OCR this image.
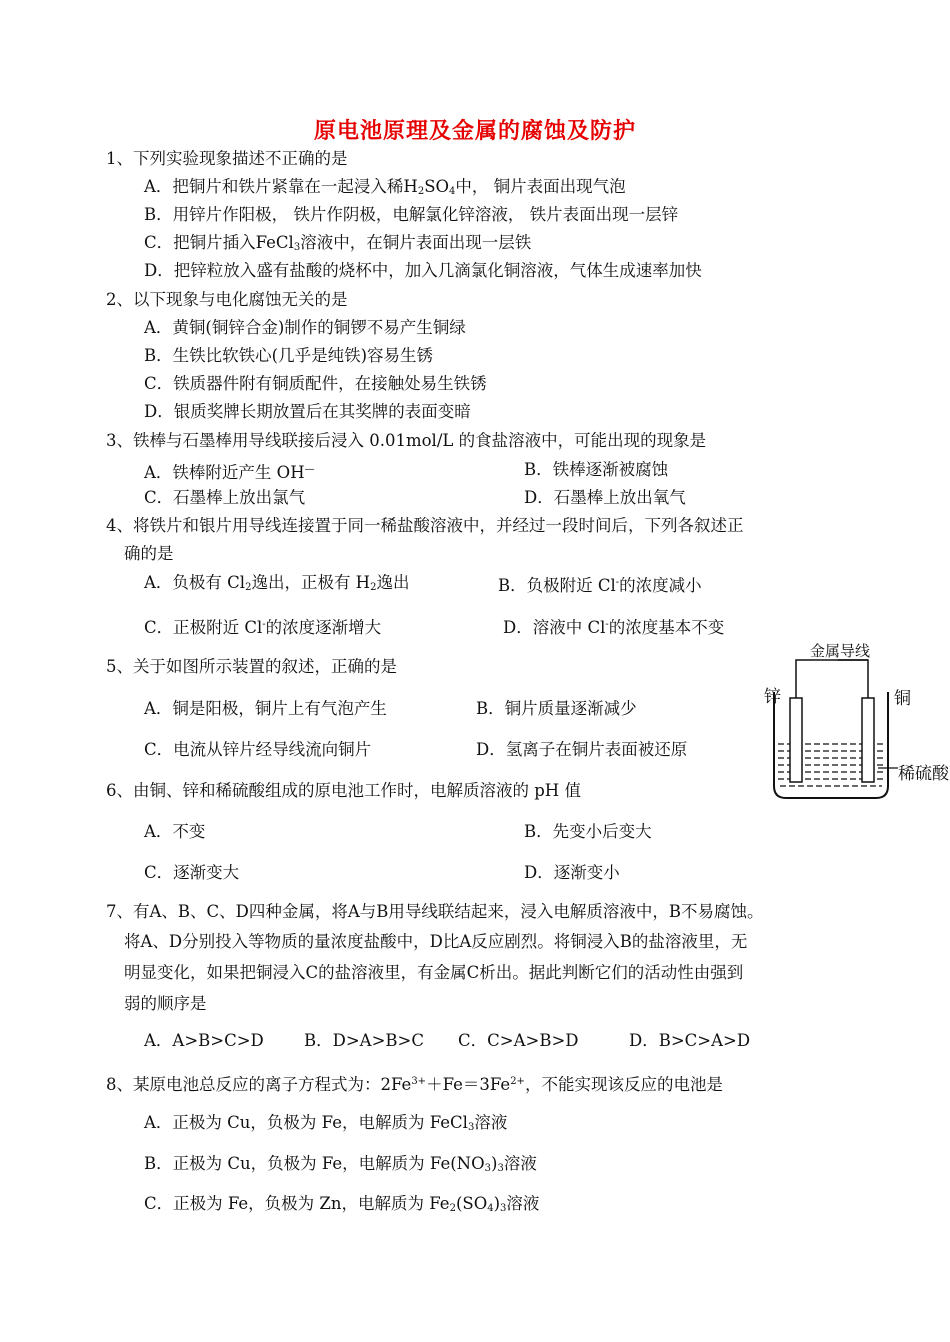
原电池原理及金属的腐蚀及防护
1、下列实验现象描述不正确的是
A．把铜片和铁片紧靠在一起浸入稀$H_2SO_4$中， 铜片表面出现气泡
B．用锌片作阳极， 铁片作阴极，电解氯化锌溶液， 铁片表面出现一层锌
C．把铜片插入FeCl$_3$溶液中，在铜片表面出现一层铁
D．把锌粒放入盛有盐酸的烧杯中，加入几滴氯化铜溶液，气体生成速率加快
2、以下现象与电化腐蚀无关的是
A．黄铜(铜锌合金)制作的铜锣不易产生铜绿
B．生铁比软铁心(几乎是纯铁)容易生锈
C．铁质器件附有铜质配件，在接触处易生铁锈
D．银质奖牌长期放置后在其奖牌的表面变暗
3、铁棒与石墨棒用导线联接后浸入 0.01mol/L 的食盐溶液中，可能出现的现象是
A．铁棒附近产生 OH—	B．铁棒逐渐被腐蚀
C．石墨棒上放出氯气	D．石墨棒上放出氧气
4、将铁片和银片用导线连接置于同一稀盐酸溶液中，并经过一段时间后，下列各叙述正
确的是
A．负极有 $Cl_2$逸出，正极有 $H_2$逸出	B．负极附近 Cl-的浓度减小
C．正极附近 Cl-的浓度逐渐增大	D．溶液中 Cl-的浓度基本不变
5、关于如图所示装置的叙述，正确的是
A．铜是阳极，铜片上有气泡产生	B．铜片质量逐渐减少
C．电流从锌片经导线流向铜片	D．氢离子在铜片表面被还原
金属导线
锌	铜
稀硫酸
6、由铜、锌和稀硫酸组成的原电池工作时，电解质溶液的 pH 值
A．不变	B．先变小后变大
C．逐渐变大	D．逐渐变小
7、有A、B、C、D四种金属，将A与B用导线联结起来，浸入电解质溶液中，B不易腐蚀。
将A、D分别投入等物质的量浓度盐酸中，D比A反应剧烈。将铜浸入B的盐溶液里，无
明显变化，如果把铜浸入C的盐溶液里，有金属C析出。据此判断它们的活动性由强到
弱的顺序是
A．A>B>C>D B．D>A>B>C C．C>A>B>D	D．B>C>A>D
8、某原电池总反应的离子方程式为：$2Fe^{3+}+Fe=3Fe^{2+}$，不能实现该反应的电池是
A．正极为 Cu，负极为 Fe，电解质为 FeCl$_3$溶液
B．正极为 Cu，负极为 Fe，电解质为 $Fe(NO_3)_3$溶液
C．正极为 Fe，负极为 Zn，电解质为 $Fe_2(SO_4)_3$溶液
